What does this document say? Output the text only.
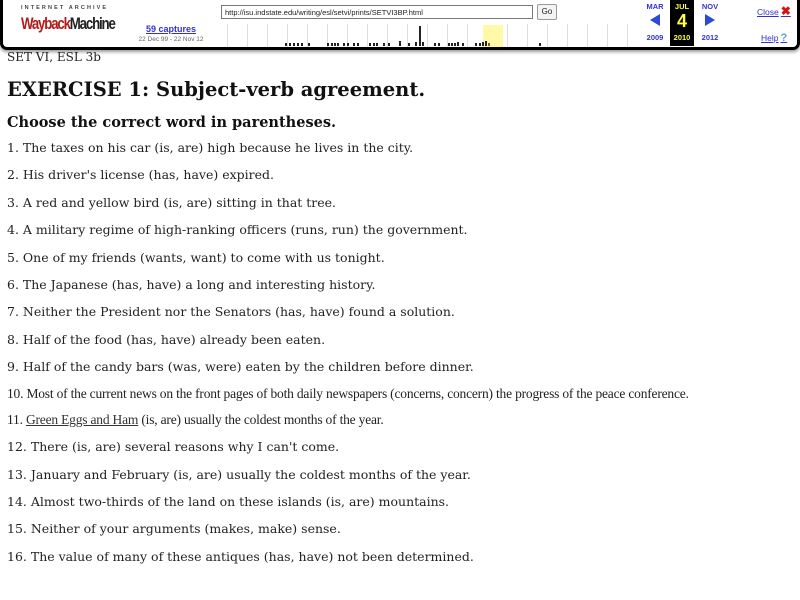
INTERNET ARCHIVE
WaybackMachine	59 captures
22 Dec 99 - 22 Nov 12
http://isu.indstate.edu/writing/esl/setvi/prints/SETVI3BP.html	Go
MAR
2009
JUL
4
2010
NOV
2012
Close ✖
Help ?

SET VI, ESL 3b

EXERCISE 1: Subject-verb agreement.
Choose the correct word in parentheses.

1. The taxes on his car (is, are) high because he lives in the city.

2. His driver's license (has, have) expired.

3. A red and yellow bird (is, are) sitting in that tree.

4. A military regime of high-ranking officers (runs, run) the government.

5. One of my friends (wants, want) to come with us tonight.

6. The Japanese (has, have) a long and interesting history.

7. Neither the President nor the Senators (has, have) found a solution.

8. Half of the food (has, have) already been eaten.

9. Half of the candy bars (was, were) eaten by the children before dinner.

10. Most of the current news on the front pages of both daily newspapers (concerns, concern) the progress of the peace conference.

11. Green Eggs and Ham (is, are) usually the coldest months of the year.

12. There (is, are) several reasons why I can't come.

13. January and February (is, are) usually the coldest months of the year.

14. Almost two-thirds of the land on these islands (is, are) mountains.

15. Neither of your arguments (makes, make) sense.

16. The value of many of these antiques (has, have) not been determined.
